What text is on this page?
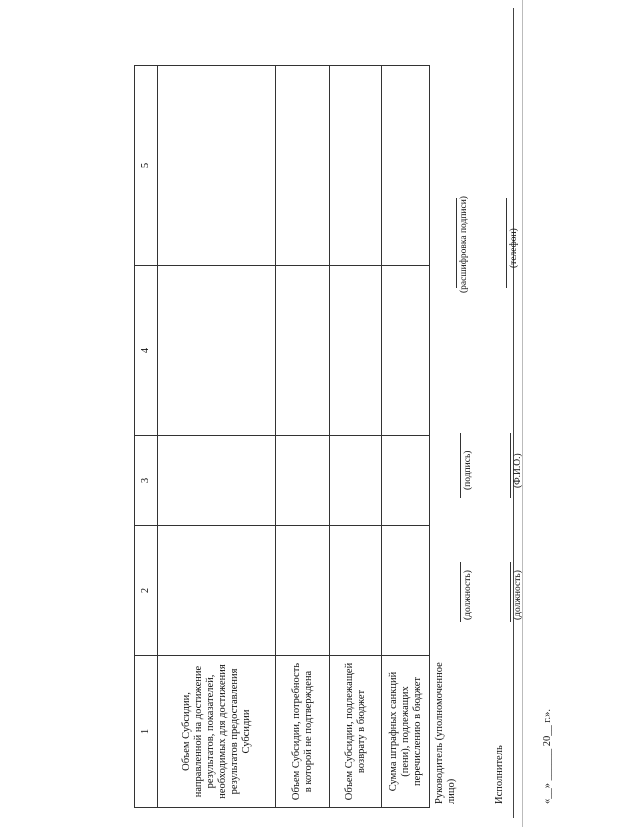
1	2	3	4	5
Объем Субсидии, направленной на достижение результатов, показателей, необходимых для достижения результатов предоставления Субсидии				
Объем Субсидии, потребность в которой не подтверждена				
Объем Субсидии, подлежащей возврату в бюджет				
Сумма штрафных санкций (пени), подлежащих перечислению в бюджет				Руководитель (уполномоченное лицо)
(должность)
(подпись)
(расшифровка подписи)
Исполнитель
(должность)
(Ф.И.О.)
(телефон)
«__» ______ 20__ г.».
